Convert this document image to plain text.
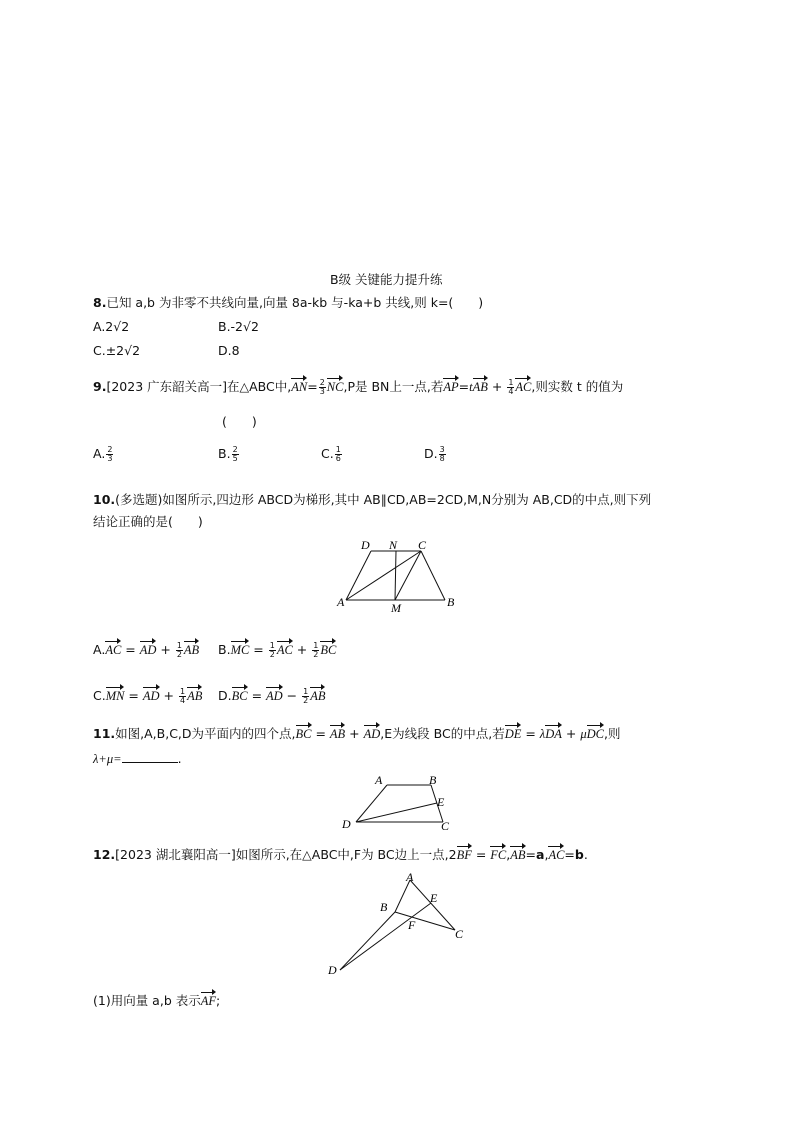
B级 关键能力提升练
8.已知 a,b 为非零不共线向量,向量 8a-kb 与-ka+b 共线,则 k=(　　)
A.2√2	B.-2√2
C.±2√2	D.8
9.[2023 广东韶关高一]在△ABC中$,AN= \frac{2}{3} NC,P$是 BN上一点,若$AP=tAB + \frac{1}{4}$ AC,则实数 t 的值为
(　　)
A. $\frac{2}{3}$	B. $\frac{2}{5}$	C. $\frac{1}{6}$	D. $\frac{3}{8}$
10.(多选题)如图所示,四边形 ABCD为梯形,其中 AB∥CD,AB=2CD,M,N分别为 AB,CD的中点,则下列
结论正确的是(　　)
D N C
A	M	B
A.AC = AD + $\frac{1}{2}$ AB $B.MC = \frac{1}{2}$ AC + $\frac{1}{2}$ BC
C.MN = AD + $\frac{1}{4}$ AB D.BC = AD − $\frac{1}{2}$ AB
11.如图,A,B,C,D为平面内的四个点,BC = AB + AD,E为线段 BC的中点,若DE = λDA + μDC,则
λ+μ=	.
A	B
E
D	C
12.[2023 湖北襄阳高一]如图所示,在△ABC中,F为 BC边上一点,2BF = FC,AB=a,AC=b.
A
B
E
F
C
D
(1)用向量 a,b 表示AF;
